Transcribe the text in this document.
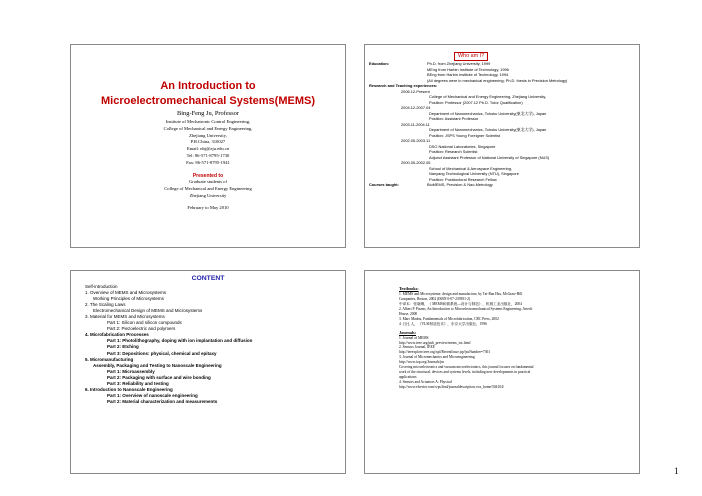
An Introduction to
Microelectromechanical Systems(MEMS)
Bing-Feng Ju, Professor
Institute of Mechatronic Control Engineering,
College of Mechanical and Energy Engineering,
Zhejiang University,
P.R.China, 310027
Email: nbj@zju.edu.cn
Tel: 86-571-8795-1730
Fax: 86-571-8795-1941
Presented to
Graduate students of
College of Mechanical and Energy Engineering
Zhejiang University
February to May 2010
Who am I?
Education:	Ph.D. from Zhejiang University, 1999
MEng from Harbin Institute of Technology, 1996
BEng from Harbin Institute of Technology, 1994
(All degrees were in mechanical engineering; Ph.D. thesis in Precision Metrology)
Research and Teaching experiences:
2006.12-Present
College of Mechanical and Energy Engineering, Zhejiang University,
Position: Professor (2007.12 Ph.D. Tutor Qualification)
2004.12-2007.04
Department of Nanomechanics, Tohoku University(東北大学), Japan
Position: Assistant Professor
2003.11-2004.11
Department of Nanomechanics, Tohoku University(東北大学), Japan
Position: JSPS Young Foreigner Scientist
2002.05-2003.11
DSO National Laboratories, Singapore
Position: Research Scientist
Adjunct Assistant Professor of National University of Singapore (NUS)
2000.05-2002.05
School of Mechanical & Aerospace Engineering,
Nanyang Technological University (NTU), Singapore
Position: Postdoctoral Research Fellow
Courses taught:	BioMEMS, Precision & Nao-Metrology
CONTENT
Self-introduction
1. Overview of MEMS and Microsystems
Working Principles of Microsystems
2. The Scaling Laws
Electromechanical Design of MEMS and Microsystems
3. Material for MEMS and Microsystems
Part 1: Silicon and silicon compounds
Part 2: Piezoelectric and polymers
4. Microfabrication Processes
Part 1: Photolithography, doping with ion implantation and diffusion
Part 2: Etching
Part 3: Depositions: physical, chemical and epitaxy
5. Micromanufacturing
Assembly, Packaging and Testing to Nanoscale Engineering
Part 1: Microassembly
Part 2: Packaging with surface and wire bonding
Part 3: Reliability and testing
6. Introduction to Nanoscale Engineering
Part 1: Overview of nanoscale engineering
Part 2: Material characterization and measurements
Textbooks:
1. MEMS and Microsystems: design and manufacture, by Tai-Ran Hsu, McGraw-Hill
Companies, Boston, 2002 (ISBN 0-07-239391-2)
中译本：张晓琳，《 MEMS和微系统—设计与制造》，机械工业出版社，2004
2. Albert P. Pisano, An Introduction to Microelectromechanical Systems Engineering, Artech
House, 2000
3. Marc Madou, Fundamentals of Microfabrication, CRC Press, 2002
4. 日比 人，《VLSI制造技术》，东京大学出版社，1996
Journals:
1. Journal of MEMS
http://www.ieee.org/pub_preview/mems_toc.html
2. Sensors Journal, IEEE
http://ieeexplore.ieee.org/xpl/RecentIssue.jsp?puNumber=7361
3. Journal of Micromechanics and Microengineering
http://www.iop.org/Journals/jm
Covering microelectronics and vacuum microelectronics, this journal focuses on fundamental
work of the structural, devices and systems levels, including new developments in practical
applications.
4. Sensors and Actuators A: Physical
http://www.elsevier.com/wps/find/journaldescription.cws_home/504104/
1
